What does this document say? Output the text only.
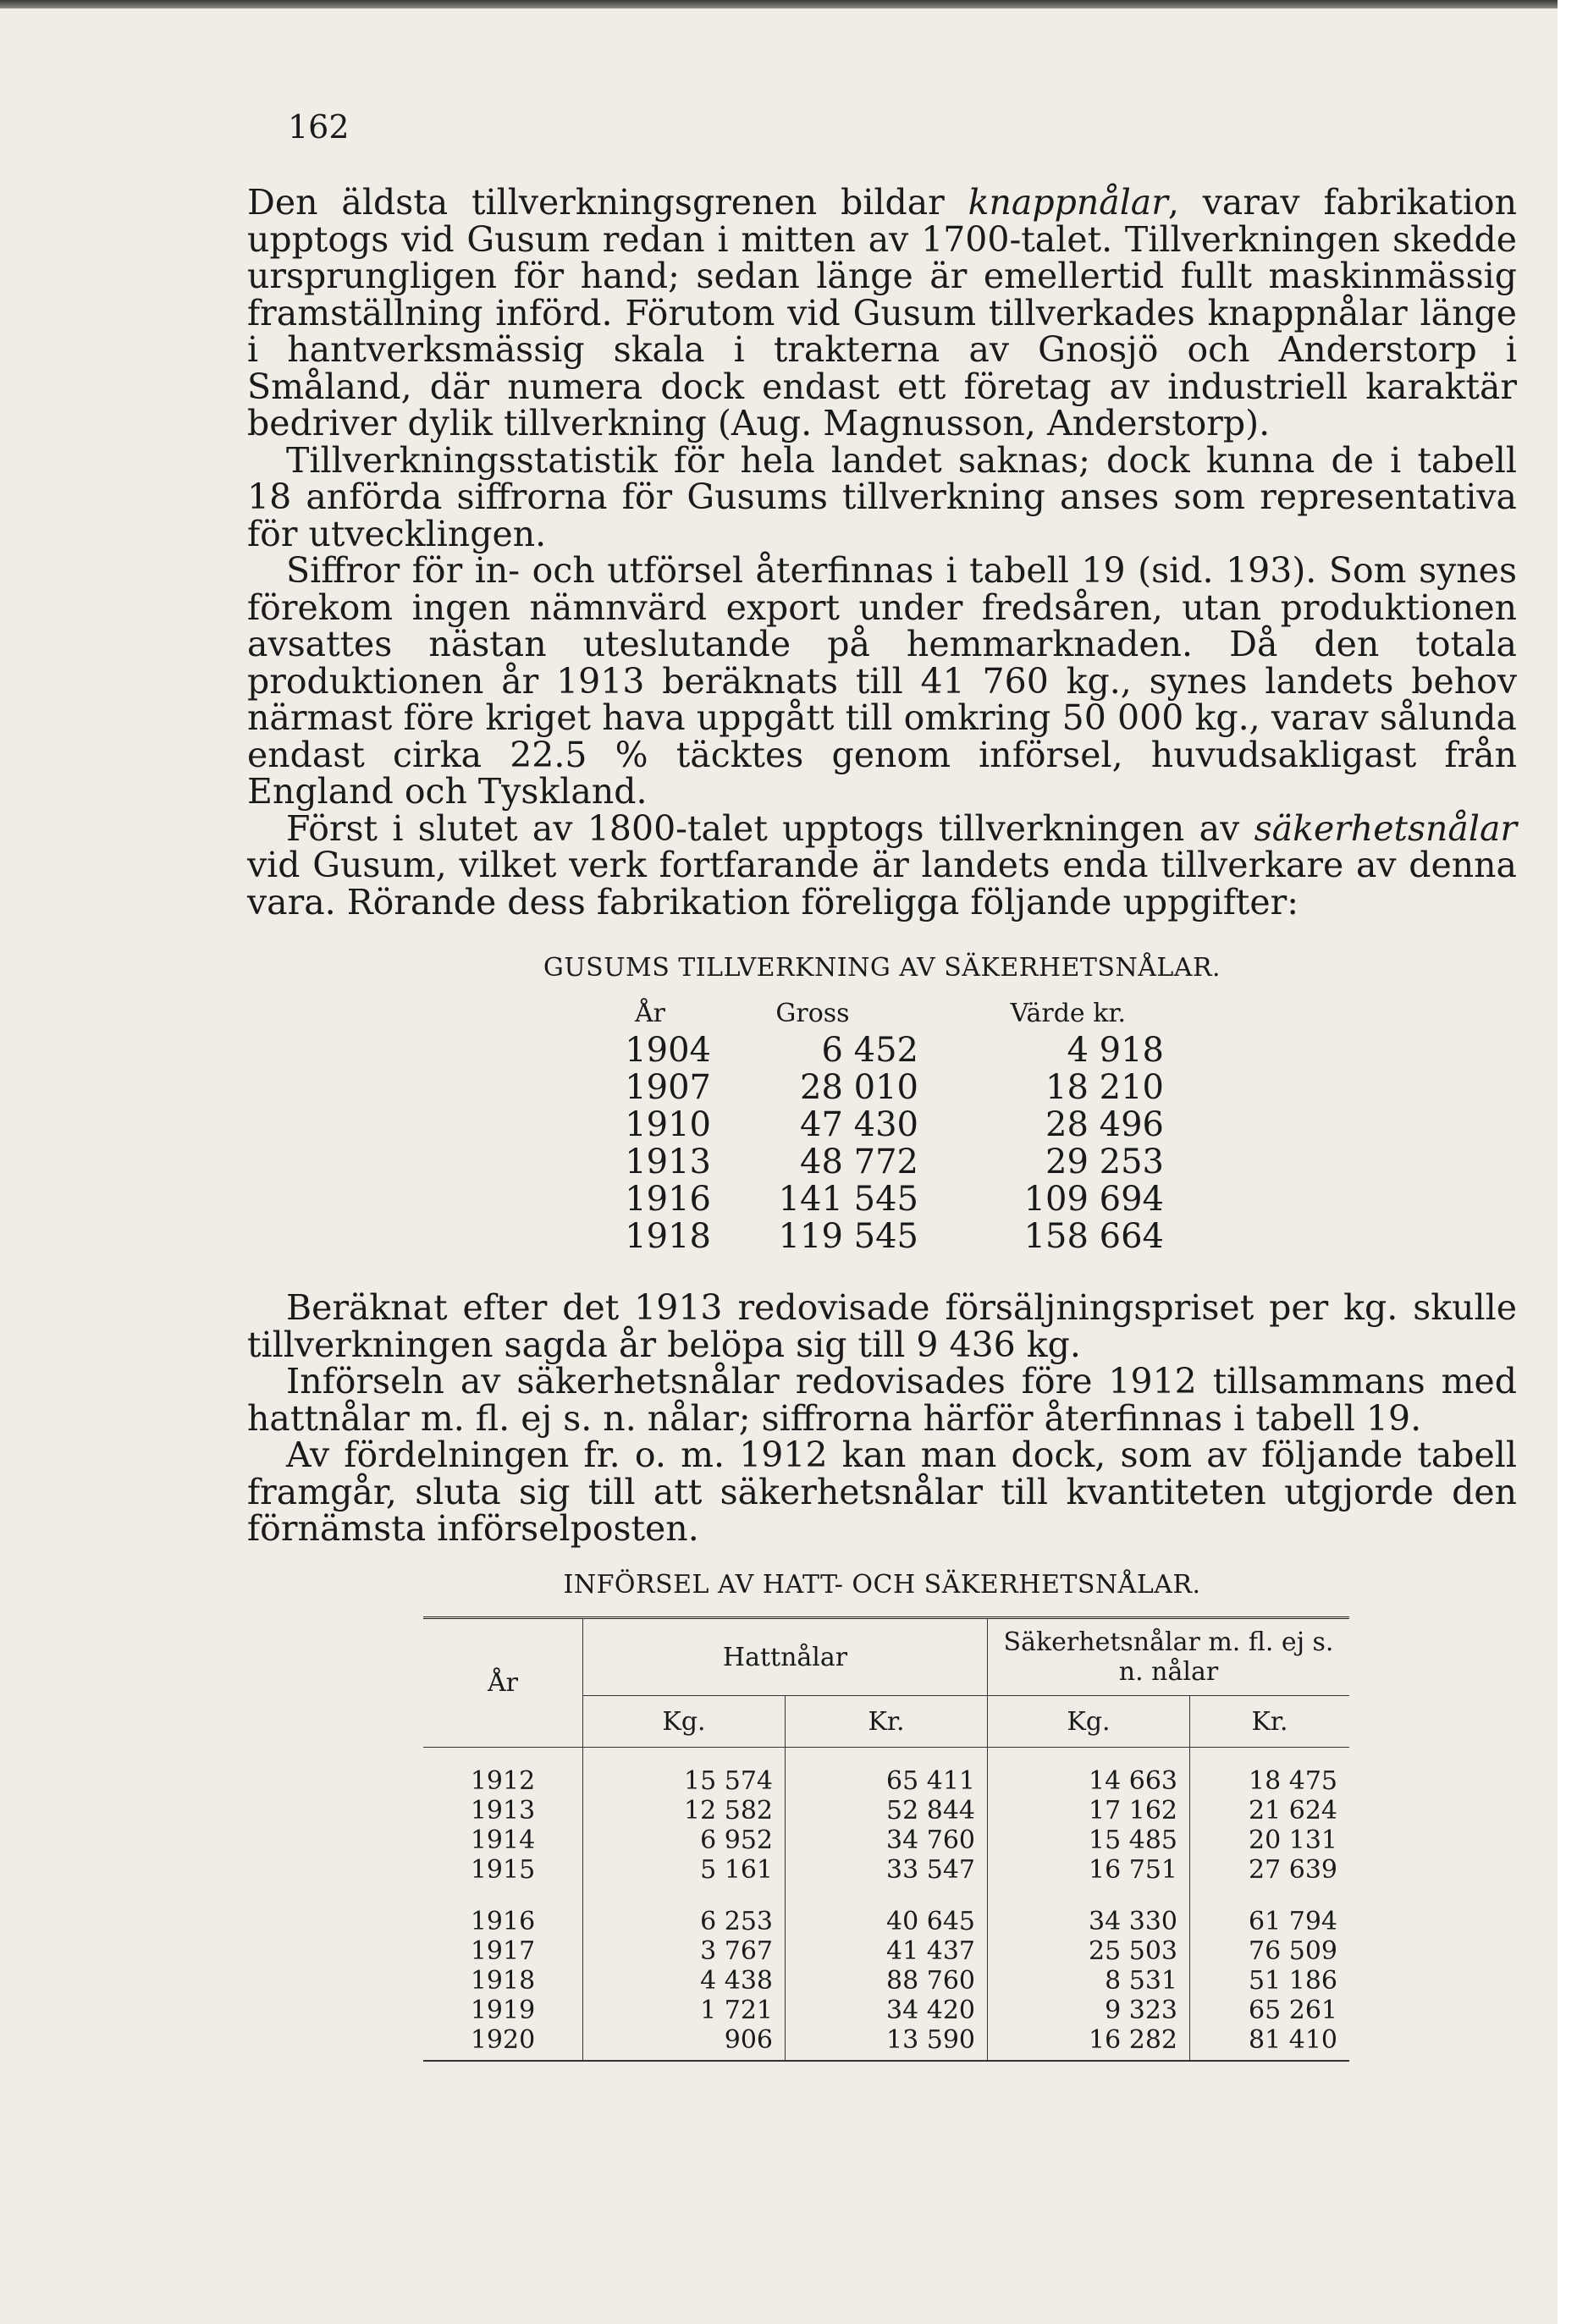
162

Den äldsta tillverkningsgrenen bildar knappnålar, varav fabrikation upptogs vid Gusum redan i mitten av 1700-talet. Tillverkningen skedde ursprungligen för hand; sedan länge är emellertid fullt maskinmässig framställning införd. Förutom vid Gusum tillverkades knappnålar länge i hantverksmässig skala i trakterna av Gnosjö och Anderstorp i Småland, där numera dock endast ett företag av industriell karaktär bedriver dylik tillverkning (Aug. Magnusson, Anderstorp).

Tillverkningsstatistik för hela landet saknas; dock kunna de i tabell 18 anförda siffrorna för Gusums tillverkning anses som representativa för utvecklingen.

Siffror för in- och utförsel återfinnas i tabell 19 (sid. 193). Som synes förekom ingen nämnvärd export under fredsåren, utan produktionen avsattes nästan uteslutande på hemmarknaden. Då den totala produktionen år 1913 beräknats till 41 760 kg., synes landets behov närmast före kriget hava uppgått till omkring 50 000 kg., varav sålunda endast cirka 22.5 % täcktes genom införsel, huvudsakligast från England och Tyskland.

Först i slutet av 1800-talet upptogs tillverkningen av säkerhetsnålar vid Gusum, vilket verk fortfarande är landets enda tillverkare av denna vara. Rörande dess fabrikation föreligga följande uppgifter:

GUSUMS TILLVERKNING AV SÄKERHETSNÅLAR.
År	Gross	Värde kr.
1904	6 452	4 918
1907	28 010	18 210
1910	47 430	28 496
1913	48 772	29 253
1916	141 545	109 694
1918	119 545	158 664

Beräknat efter det 1913 redovisade försäljningspriset per kg. skulle tillverkningen sagda år belöpa sig till 9 436 kg.

Införseln av säkerhetsnålar redovisades före 1912 tillsammans med hattnålar m. fl. ej s. n. nålar; siffrorna härför återfinnas i tabell 19.

Av fördelningen fr. o. m. 1912 kan man dock, som av följande tabell framgår, sluta sig till att säkerhetsnålar till kvantiteten utgjorde den förnämsta införselposten.

INFÖRSEL AV HATT- OCH SÄKERHETSNÅLAR.
År	Hattnålar		Säkerhetsnålar m. fl. ej s. n. nålar	
	Kg.	Kr.	Kg.	Kr.
1912	15 574	65 411	14 663	18 475
1913	12 582	52 844	17 162	21 624
1914	6 952	34 760	15 485	20 131
1915	5 161	33 547	16 751	27 639
1916	6 253	40 645	34 330	61 794
1917	3 767	41 437	25 503	76 509
1918	4 438	88 760	8 531	51 186
1919	1 721	34 420	9 323	65 261
1920	906	13 590	16 282	81 410
